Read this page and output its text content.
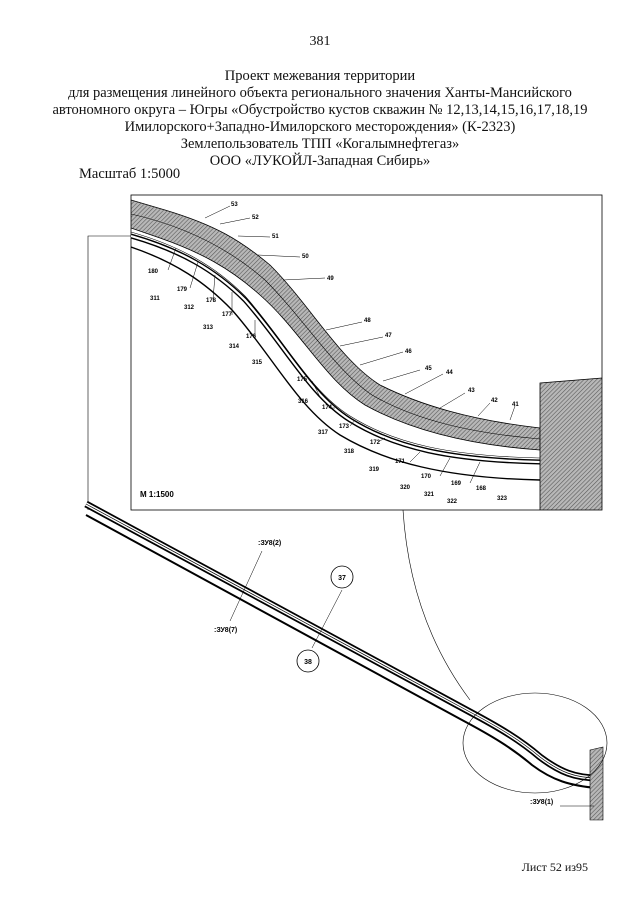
381
Проект межевания территории
для размещения линейного объекта регионального значения Ханты-Мансийского
автономного округа – Югры «Обустройство кустов скважин № 12,13,14,15,16,17,18,19
Имилорского+Западно-Имилорского месторождения» (К-2323)
Землепользователь ТПП «Когалымнефтегаз»
ООО «ЛУКОЙЛ-Западная Сибирь»
Масштаб 1:5000
53
52
51
50
49
48
47
46
45
44
43
42
41
180
179
178
177
176
175
174
173
172
171
170
169
168
311
312
313
314
315
316
317
318
319
320
321
322	323
М 1:1500
:ЗУ8(2)
:ЗУ8(7)
:ЗУ8(1)
37
38
Лист 52 из95
